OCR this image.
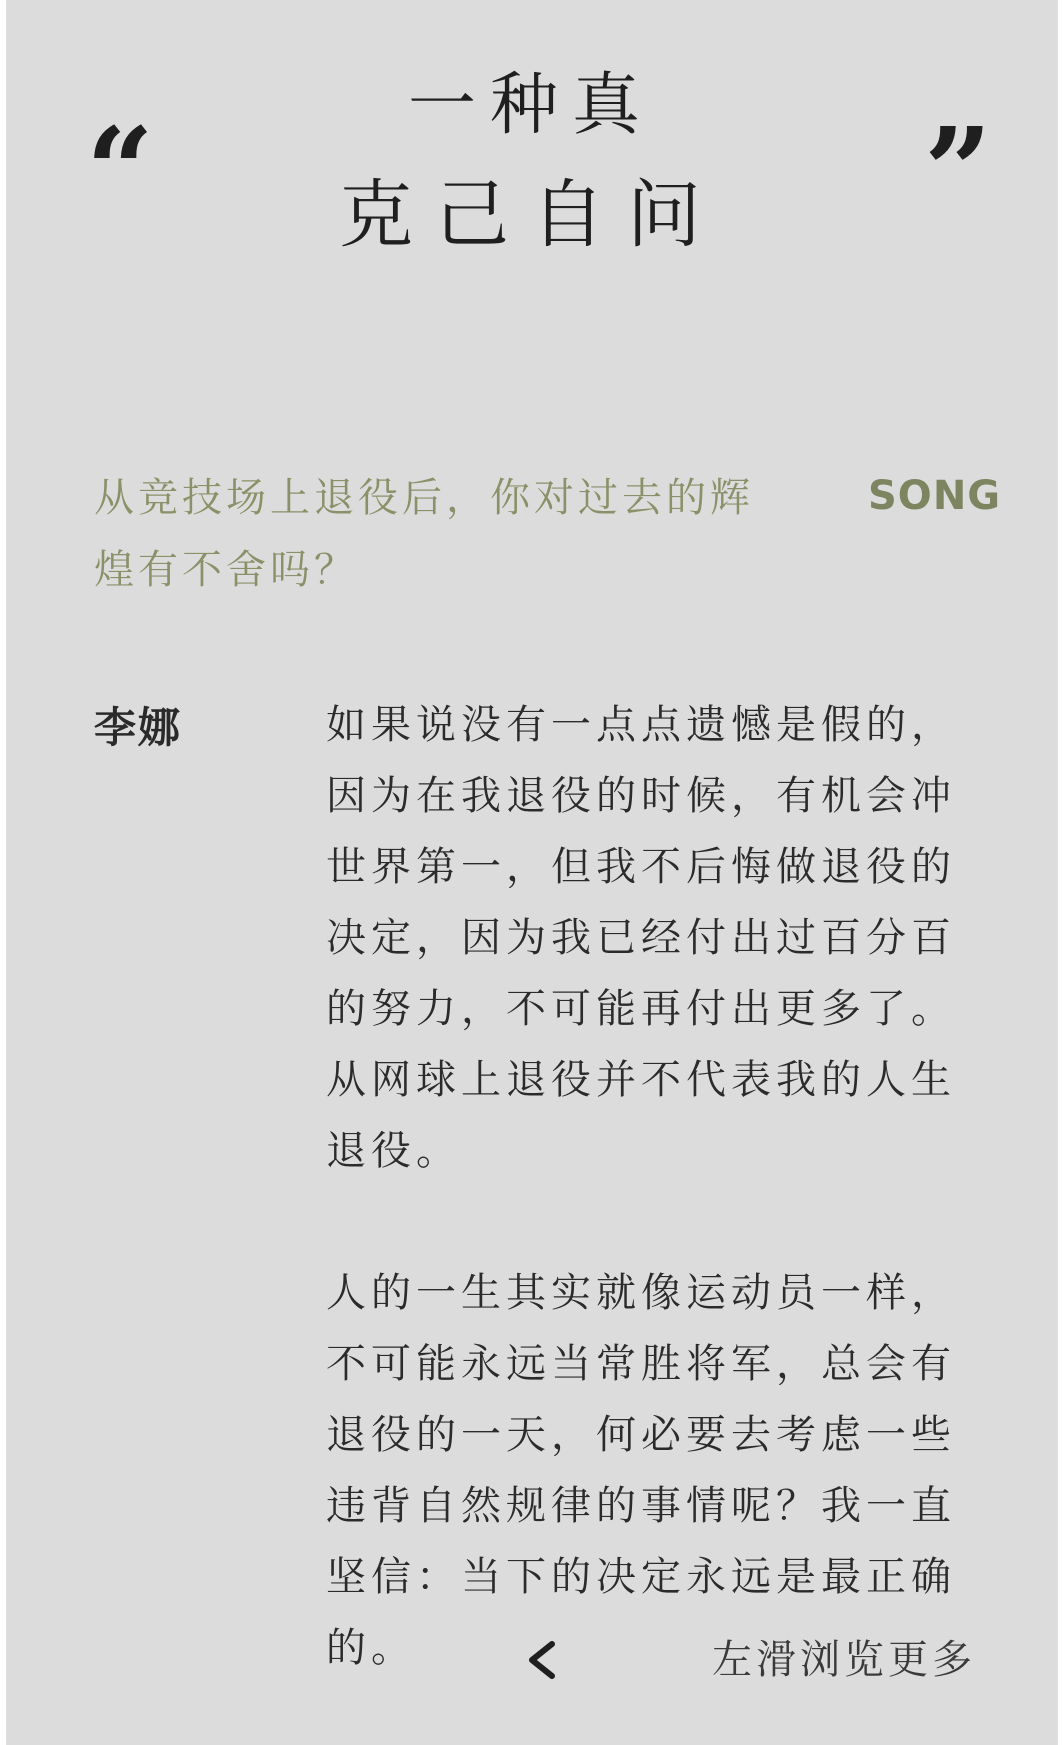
“	”
一种真
克己自问

从竞技场上退役后，你对过去的辉煌有不舍吗？

SONG
李娜	如果说没有一点点遗憾是假的，因为在我退役的时候，有机会冲世界第一，但我不后悔做退役的决定，因为我已经付出过百分百的努力，不可能再付出更多了。从网球上退役并不代表我的人生退役。

人的一生其实就像运动员一样，不可能永远当常胜将军，总会有退役的一天，何必要去考虑一些违背自然规律的事情呢？我一直坚信：当下的决定永远是最正确的。	左滑浏览更多
